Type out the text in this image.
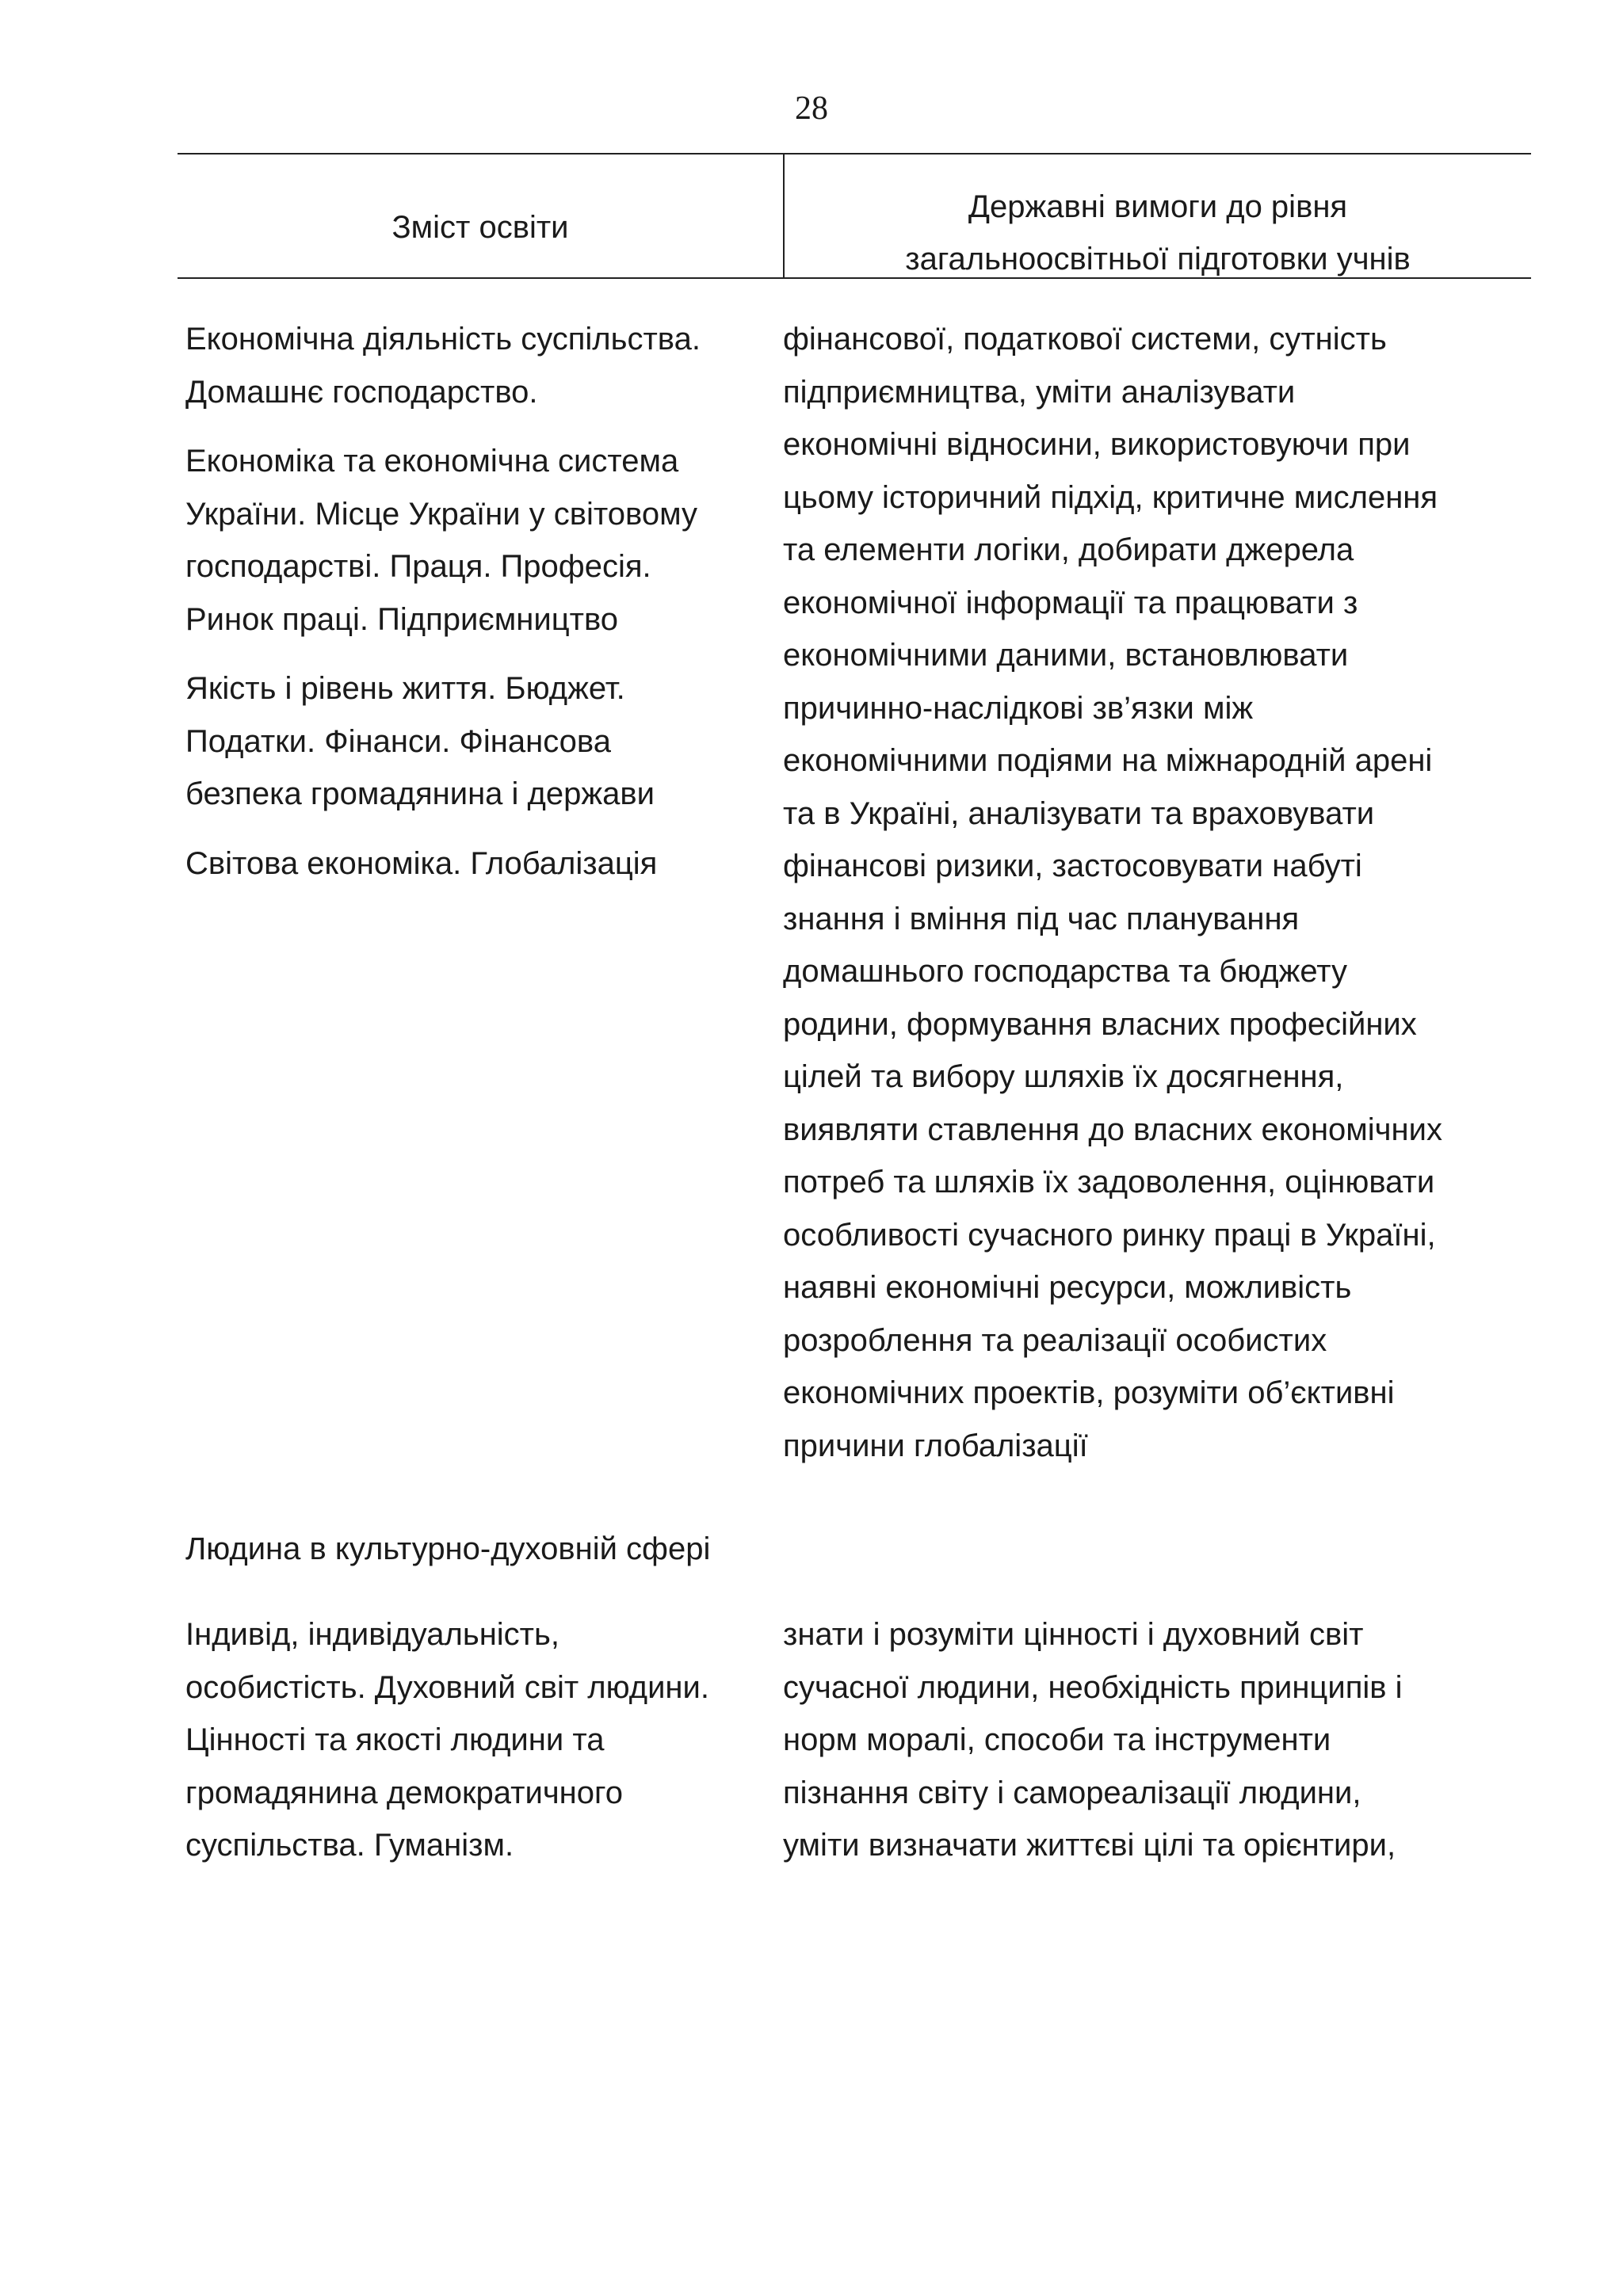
28
Зміст освіти
Державні вимоги до рівня
загальноосвітньої підготовки учнів

Економічна діяльність суспільства.
Домашнє господарство.

Економіка та економічна система
України. Місце України у світовому
господарстві. Праця. Професія.
Ринок праці. Підприємництво

Якість і рівень життя. Бюджет.
Податки. Фінанси. Фінансова
безпека громадянина і держави

Світова економіка. Глобалізація

фінансової, податкової системи, сутність
підприємництва, уміти аналізувати
економічні відносини, використовуючи при
цьому історичний підхід, критичне мислення
та елементи логіки, добирати джерела
економічної інформації та працювати з
економічними даними, встановлювати
причинно-наслідкові зв’язки між
економічними подіями на міжнародній арені
та в Україні, аналізувати та враховувати
фінансові ризики, застосовувати набуті
знання і вміння під час планування
домашнього господарства та бюджету
родини, формування власних професійних
цілей та вибору шляхів їх досягнення,
виявляти ставлення до власних економічних
потреб та шляхів їх задоволення, оцінювати
особливості сучасного ринку праці в Україні,
наявні економічні ресурси, можливість
розроблення та реалізації особистих
економічних проектів, розуміти об’єктивні
причини глобалізації
Людина в культурно-духовній сфері
Індивід, індивідуальність,
особистість. Духовний світ людини.
Цінності та якості людини та
громадянина демократичного
суспільства. Гуманізм.
знати і розуміти цінності і духовний світ
сучасної людини, необхідність принципів і
норм моралі, способи та інструменти
пізнання світу і самореалізації людини,
уміти визначати життєві цілі та орієнтири,
